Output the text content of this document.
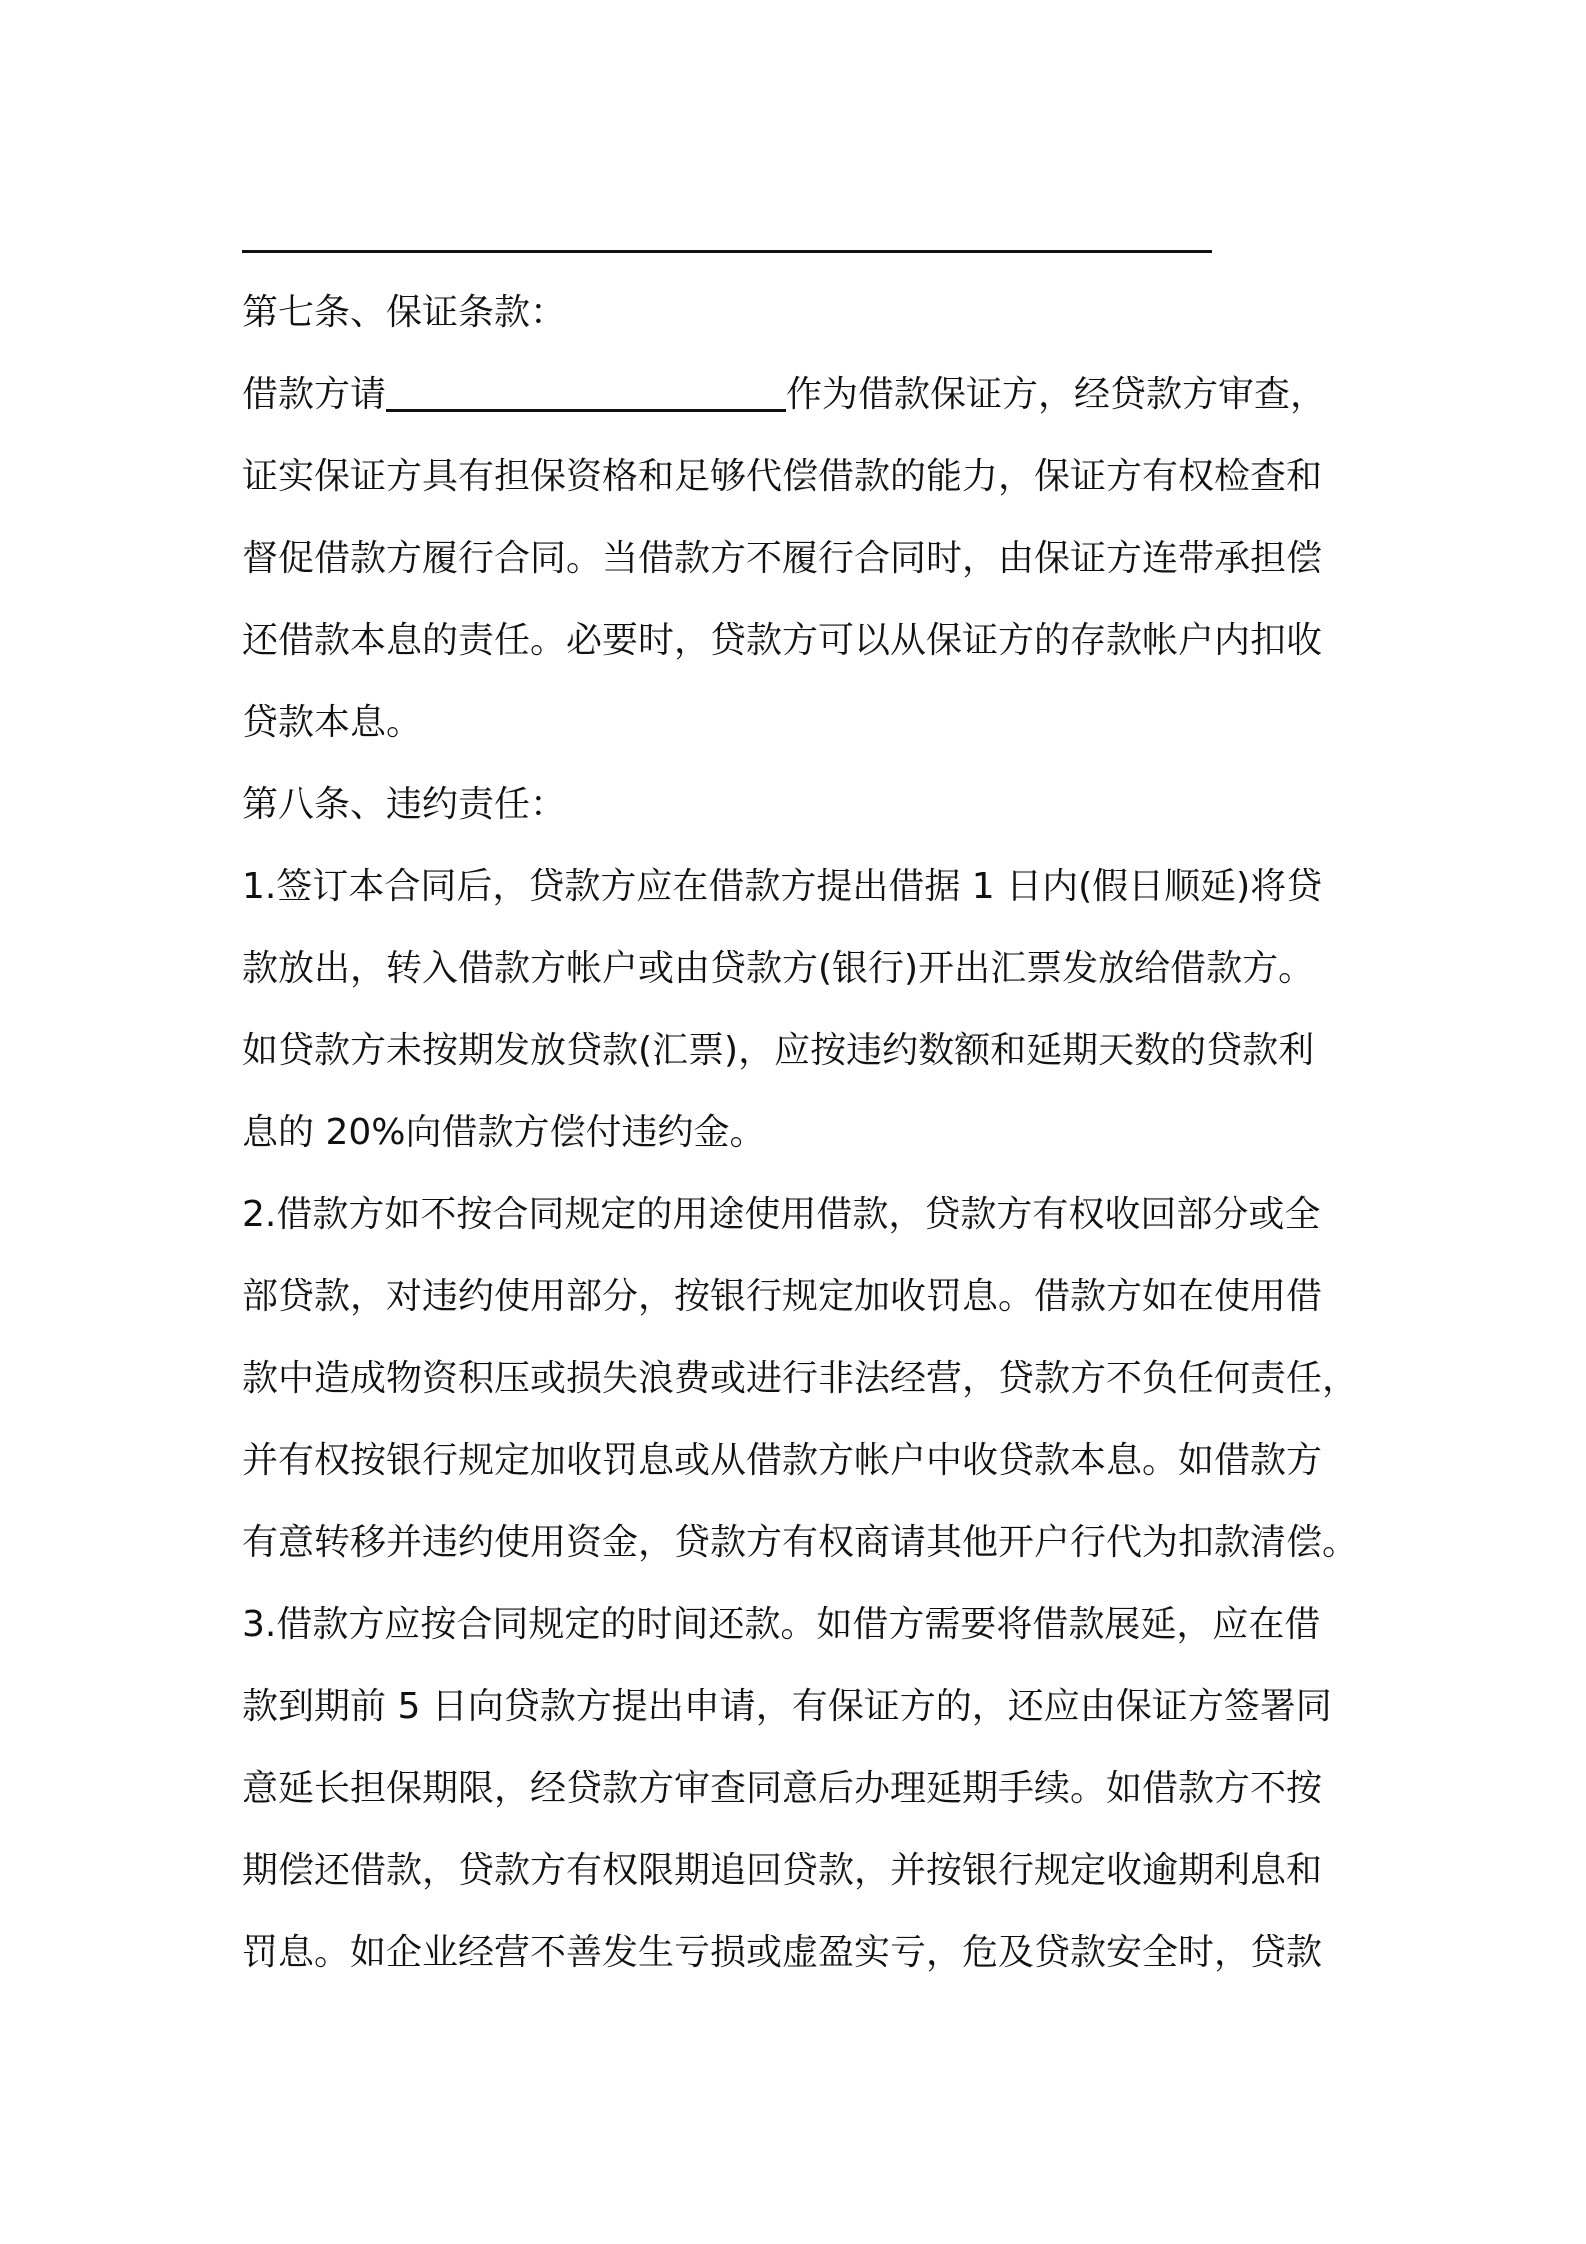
第七条、保证条款：

借款方请	作为借款保证方，经贷款方审查，

证实保证方具有担保资格和足够代偿借款的能力，保证方有权检查和

督促借款方履行合同。当借款方不履行合同时，由保证方连带承担偿

还借款本息的责任。必要时，贷款方可以从保证方的存款帐户内扣收

贷款本息。

第八条、违约责任：

1.签订本合同后，贷款方应在借款方提出借据 1 日内(假日顺延)将贷

款放出，转入借款方帐户或由贷款方(银行)开出汇票发放给借款方。

如贷款方未按期发放贷款(汇票)，应按违约数额和延期天数的贷款利

息的 20%向借款方偿付违约金。

2.借款方如不按合同规定的用途使用借款，贷款方有权收回部分或全

部贷款，对违约使用部分，按银行规定加收罚息。借款方如在使用借

款中造成物资积压或损失浪费或进行非法经营，贷款方不负任何责任，

并有权按银行规定加收罚息或从借款方帐户中收贷款本息。如借款方

有意转移并违约使用资金，贷款方有权商请其他开户行代为扣款清偿。

3.借款方应按合同规定的时间还款。如借方需要将借款展延，应在借

款到期前 5 日向贷款方提出申请，有保证方的，还应由保证方签署同

意延长担保期限，经贷款方审查同意后办理延期手续。如借款方不按

期偿还借款，贷款方有权限期追回贷款，并按银行规定收逾期利息和

罚息。如企业经营不善发生亏损或虚盈实亏，危及贷款安全时，贷款
